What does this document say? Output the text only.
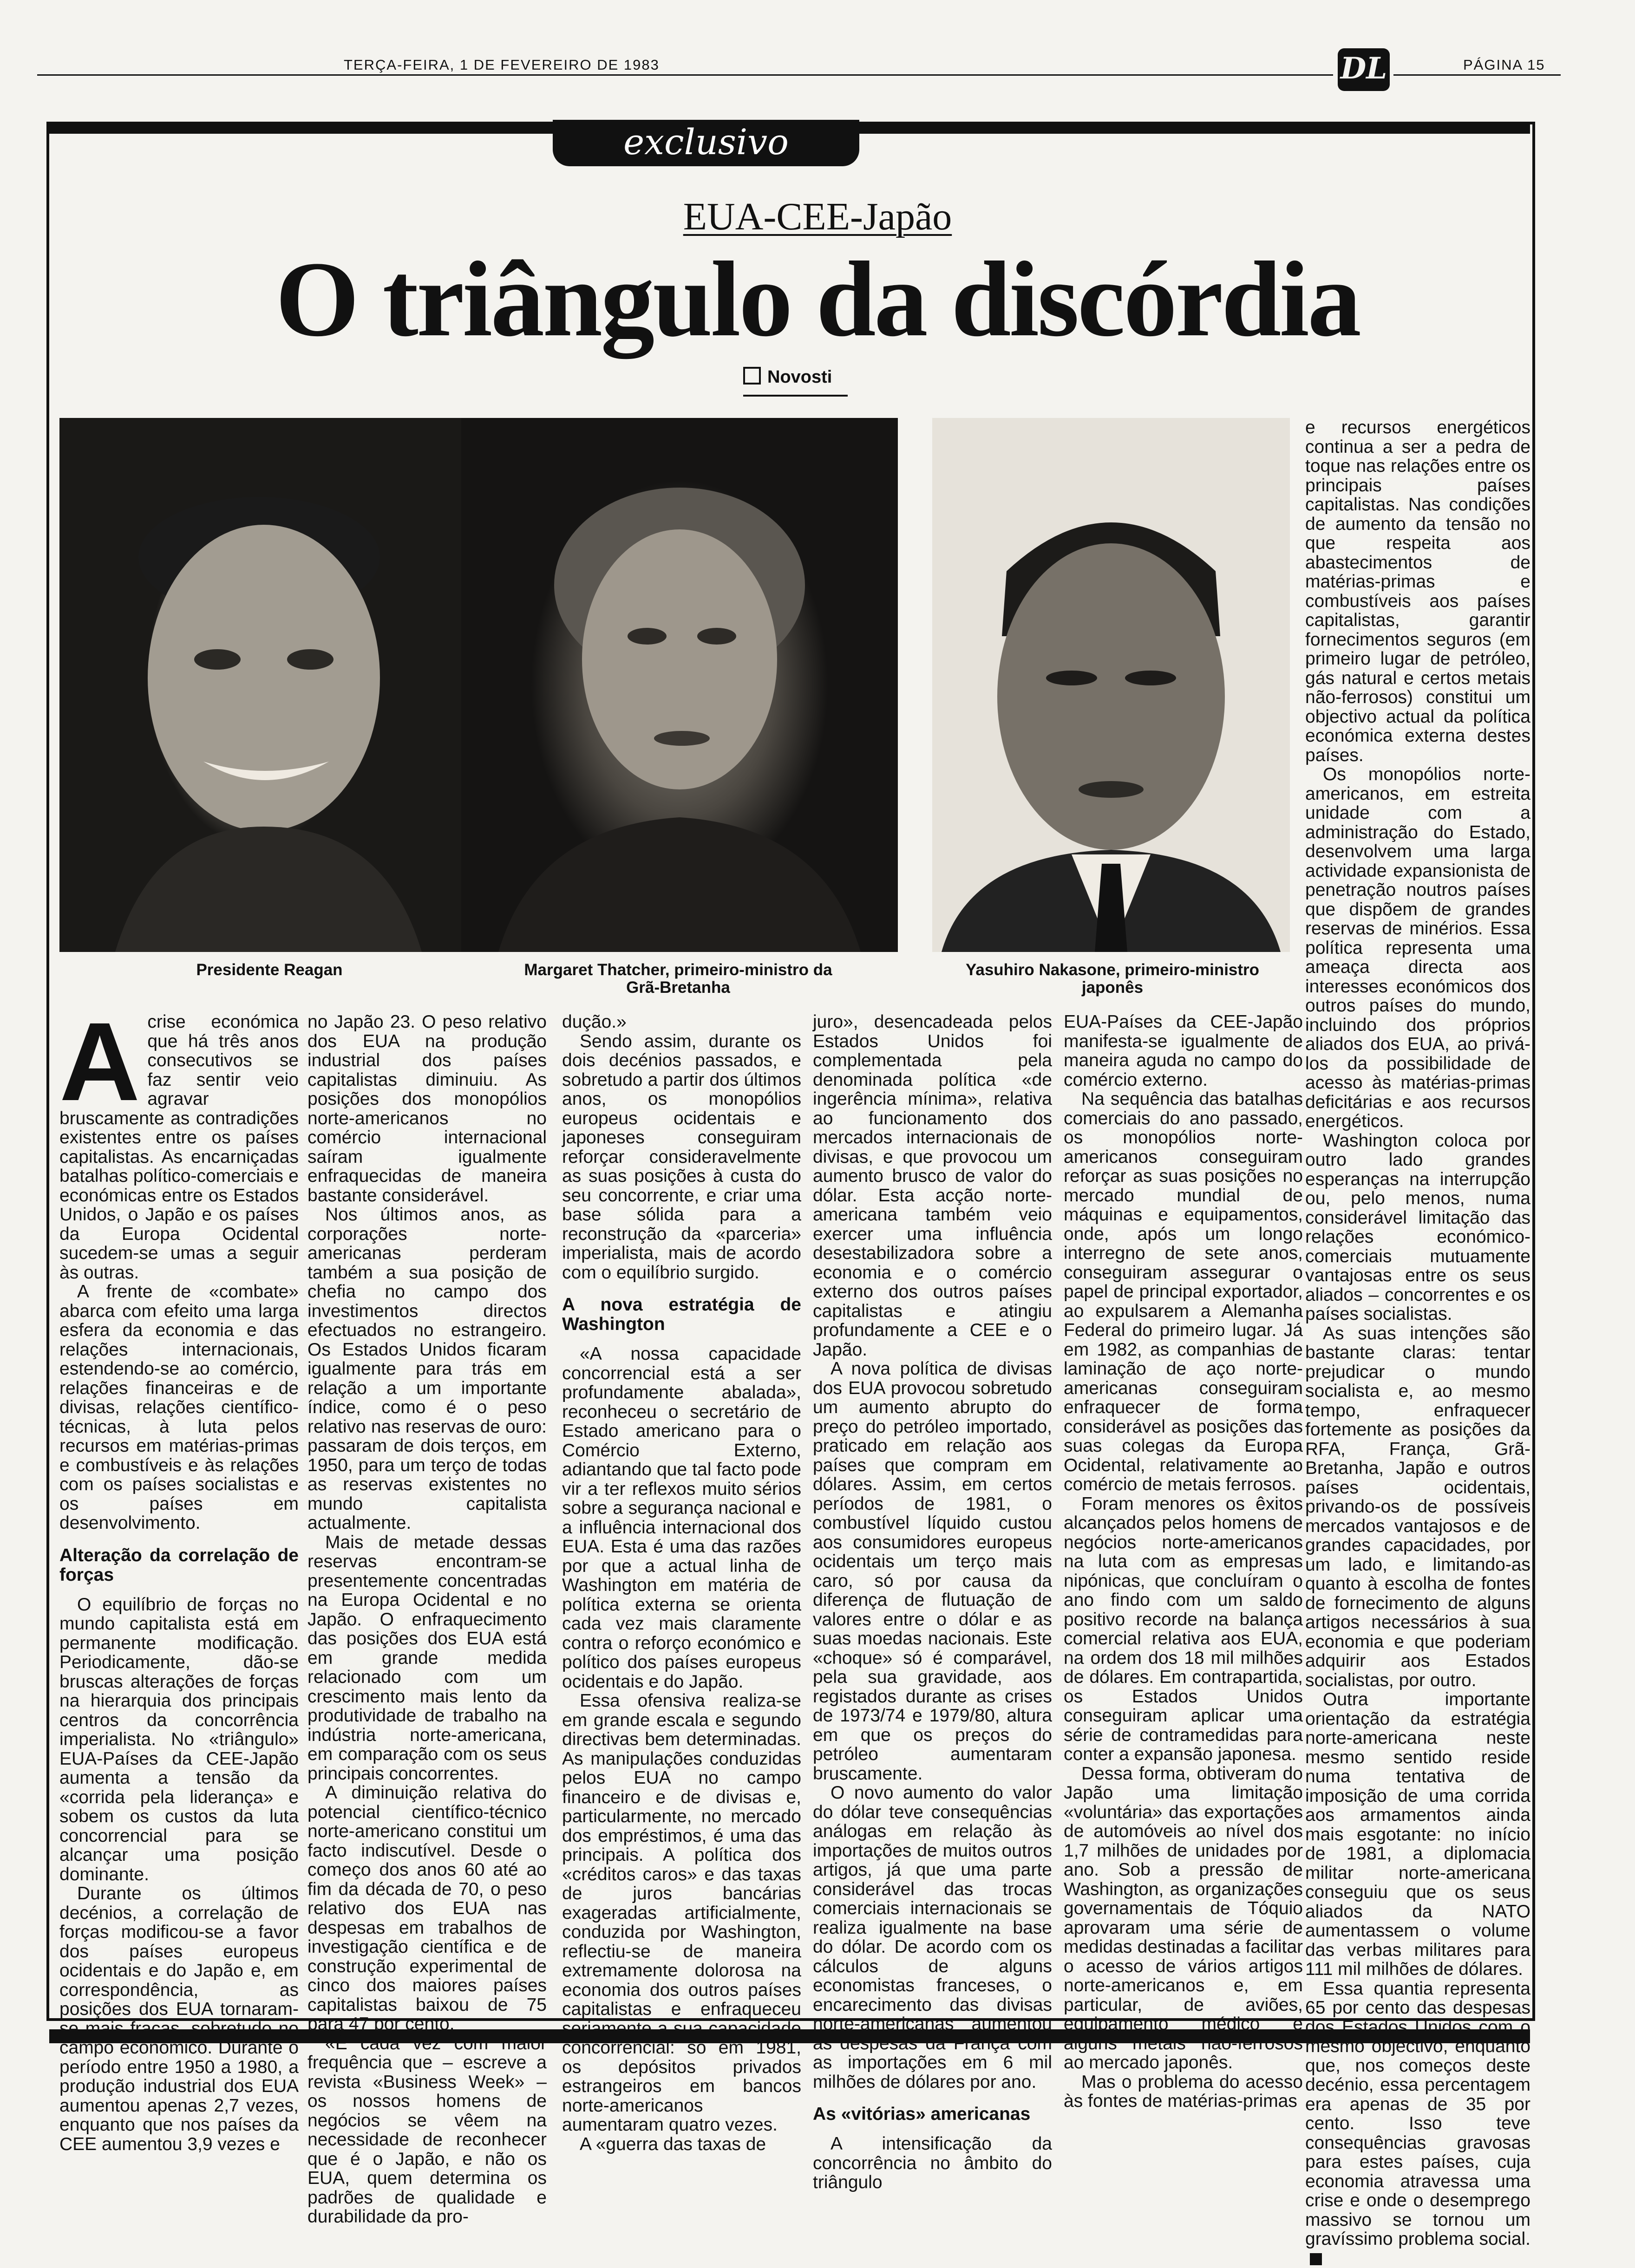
TERÇA-FEIRA, 1 DE FEVEREIRO DE 1983	DL	PÁGINA 15
exclusivo
EUA-CEE-Japão
O triângulo da discórdia
Novosti
Presidente Reagan	Margaret Thatcher, primeiro-ministro da
Grã-Bretanha
Yasuhiro Nakasone, primeiro-ministro
japonês
A crise económica que há três anos consecutivos se faz sentir veio agravar bruscamente as contradições existentes entre os países capitalistas. As encarniçadas batalhas político-comerciais e económicas entre os Estados Unidos, o Japão e os países da Europa Ocidental sucedem-se umas a seguir às outras.

A frente de «combate» abarca com efeito uma larga esfera da economia e das relações internacionais, estendendo-se ao comércio, relações financeiras e de divisas, relações científico-técnicas, à luta pelos recursos em matérias-primas e combustíveis e às relações com os países socialistas e os países em desenvolvimento.

Alteração da correlação de forças

O equilíbrio de forças no mundo capitalista está em permanente modificação. Periodicamente, dão-se bruscas alterações de forças na hierarquia dos principais centros da concorrência imperialista. No «triângulo» EUA-Países da CEE-Japão aumenta a tensão da «corrida pela liderança» e sobem os custos da luta concorrencial para se alcançar uma posição dominante.

Durante os últimos decénios, a correlação de forças modificou-se a favor dos países europeus ocidentais e do Japão e, em correspondência, as posições dos EUA tornaram-se mais fracas, sobretudo no campo económico. Durante o período entre 1950 a 1980, a produção industrial dos EUA aumentou apenas 2,7 vezes, enquanto que nos países da CEE aumentou 3,9 vezes e

no Japão 23. O peso relativo dos EUA na produção industrial dos países capitalistas diminuiu. As posições dos monopólios norte-americanos no comércio internacional saíram igualmente enfraquecidas de maneira bastante considerável.

Nos últimos anos, as corporações norte-americanas perderam também a sua posição de chefia no campo dos investimentos directos efectuados no estrangeiro. Os Estados Unidos ficaram igualmente para trás em relação a um importante índice, como é o peso relativo nas reservas de ouro: passaram de dois terços, em 1950, para um terço de todas as reservas existentes no mundo capitalista actualmente.

Mais de metade dessas reservas encontram-se presentemente concentradas na Europa Ocidental e no Japão. O enfraquecimento das posições dos EUA está em grande medida relacionado com um crescimento mais lento da produtividade de trabalho na indústria norte-americana, em comparação com os seus principais concorrentes.

A diminuição relativa do potencial científico-técnico norte-americano constitui um facto indiscutível. Desde o começo dos anos 60 até ao fim da década de 70, o peso relativo dos EUA nas despesas em trabalhos de investigação científica e de construção experimental de cinco dos maiores países capitalistas baixou de 75 para 47 por cento.

«É cada vez com maior frequência que – escreve a revista «Business Week» – os nossos homens de negócios se vêem na necessidade de reconhecer que é o Japão, e não os EUA, quem determina os padrões de qualidade e durabilidade da pro-

dução.»

Sendo assim, durante os dois decénios passados, e sobretudo a partir dos últimos anos, os monopólios europeus ocidentais e japoneses conseguiram reforçar consideravelmente as suas posições à custa do seu concorrente, e criar uma base sólida para a reconstrução da «parceria» imperialista, mais de acordo com o equilíbrio surgido.

A nova estratégia de Washington

«A nossa capacidade concorrencial está a ser profundamente abalada», reconheceu o secretário de Estado americano para o Comércio Externo, adiantando que tal facto pode vir a ter reflexos muito sérios sobre a segurança nacional e a influência internacional dos EUA. Esta é uma das razões por que a actual linha de Washington em matéria de política externa se orienta cada vez mais claramente contra o reforço económico e político dos países europeus ocidentais e do Japão.

Essa ofensiva realiza-se em grande escala e segundo directivas bem determinadas. As manipulações conduzidas pelos EUA no campo financeiro e de divisas e, particularmente, no mercado dos empréstimos, é uma das principais. A política dos «créditos caros» e das taxas de juros bancárias exageradas artificialmente, conduzida por Washington, reflectiu-se de maneira extremamente dolorosa na economia dos outros países capitalistas e enfraqueceu seriamente a sua capacidade concorrencial: só em 1981, os depósitos privados estrangeiros em bancos norte-americanos aumentaram quatro vezes.

A «guerra das taxas de

juro», desencadeada pelos Estados Unidos foi complementada pela denominada política «de ingerência mínima», relativa ao funcionamento dos mercados internacionais de divisas, e que provocou um aumento brusco de valor do dólar. Esta acção norte-americana também veio exercer uma influência desestabilizadora sobre a economia e o comércio externo dos outros países capitalistas e atingiu profundamente a CEE e o Japão.

A nova política de divisas dos EUA provocou sobretudo um aumento abrupto do preço do petróleo importado, praticado em relação aos países que compram em dólares. Assim, em certos períodos de 1981, o combustível líquido custou aos consumidores europeus ocidentais um terço mais caro, só por causa da diferença de flutuação de valores entre o dólar e as suas moedas nacionais. Este «choque» só é comparável, pela sua gravidade, aos registados durante as crises de 1973/74 e 1979/80, altura em que os preços do petróleo aumentaram bruscamente.

O novo aumento do valor do dólar teve consequências análogas em relação às importações de muitos outros artigos, já que uma parte considerável das trocas comerciais internacionais se realiza igualmente na base do dólar. De acordo com os cálculos de alguns economistas franceses, o encarecimento das divisas norte-americanas aumentou as despesas da França com as importações em 6 mil milhões de dólares por ano.

As «vitórias» americanas

A intensificação da concorrência no âmbito do triângulo

EUA-Países da CEE-Japão manifesta-se igualmente de maneira aguda no campo do comércio externo.

Na sequência das batalhas comerciais do ano passado, os monopólios norte-americanos conseguiram reforçar as suas posições no mercado mundial de máquinas e equipamentos, onde, após um longo interregno de sete anos, conseguiram assegurar o papel de principal exportador, ao expulsarem a Alemanha Federal do primeiro lugar. Já em 1982, as companhias de laminação de aço norte-americanas conseguiram enfraquecer de forma considerável as posições das suas colegas da Europa Ocidental, relativamente ao comércio de metais ferrosos.

Foram menores os êxitos alcançados pelos homens de negócios norte-americanos na luta com as empresas nipónicas, que concluíram o ano findo com um saldo positivo recorde na balança comercial relativa aos EUA, na ordem dos 18 mil milhões de dólares. Em contrapartida, os Estados Unidos conseguiram aplicar uma série de contramedidas para conter a expansão japonesa.

Dessa forma, obtiveram do Japão uma limitação «voluntária» das exportações de automóveis ao nível dos 1,7 milhões de unidades por ano. Sob a pressão de Washington, as organizações governamentais de Tóquio aprovaram uma série de medidas destinadas a facilitar o acesso de vários artigos norte-americanos e, em particular, de aviões, equipamento médico e alguns metais não-ferrosos ao mercado japonês.

Mas o problema do acesso às fontes de matérias-primas

e recursos energéticos continua a ser a pedra de toque nas relações entre os principais países capitalistas. Nas condições de aumento da tensão no que respeita aos abastecimentos de matérias-primas e combustíveis aos países capitalistas, garantir fornecimentos seguros (em primeiro lugar de petróleo, gás natural e certos metais não-ferrosos) constitui um objectivo actual da política económica externa destes países.

Os monopólios norte-americanos, em estreita unidade com a administração do Estado, desenvolvem uma larga actividade expansionista de penetração noutros países que dispõem de grandes reservas de minérios. Essa política representa uma ameaça directa aos interesses económicos dos outros países do mundo, incluindo dos próprios aliados dos EUA, ao privá-los da possibilidade de acesso às matérias-primas deficitárias e aos recursos energéticos.

Washington coloca por outro lado grandes esperanças na interrupção ou, pelo menos, numa considerável limitação das relações económico-comerciais mutuamente vantajosas entre os seus aliados – concorrentes e os países socialistas.

As suas intenções são bastante claras: tentar prejudicar o mundo socialista e, ao mesmo tempo, enfraquecer fortemente as posições da RFA, França, Grã-Bretanha, Japão e outros países ocidentais, privando-os de possíveis mercados vantajosos e de grandes capacidades, por um lado, e limitando-as quanto à escolha de fontes de fornecimento de alguns artigos necessários à sua economia e que poderiam adquirir aos Estados socialistas, por outro.

Outra importante orientação da estratégia norte-americana neste mesmo sentido reside numa tentativa de imposição de uma corrida aos armamentos ainda mais esgotante: no início de 1981, a diplomacia militar norte-americana conseguiu que os seus aliados da NATO aumentassem o volume das verbas militares para 111 mil milhões de dólares.

Essa quantia representa 65 por cento das despesas dos Estados Unidos com o mesmo objectivo, enquanto que, nos começos deste decénio, essa percentagem era apenas de 35 por cento. Isso teve consequências gravosas para estes países, cuja economia atravessa uma crise e onde o desemprego massivo se tornou um gravíssimo problema social.
